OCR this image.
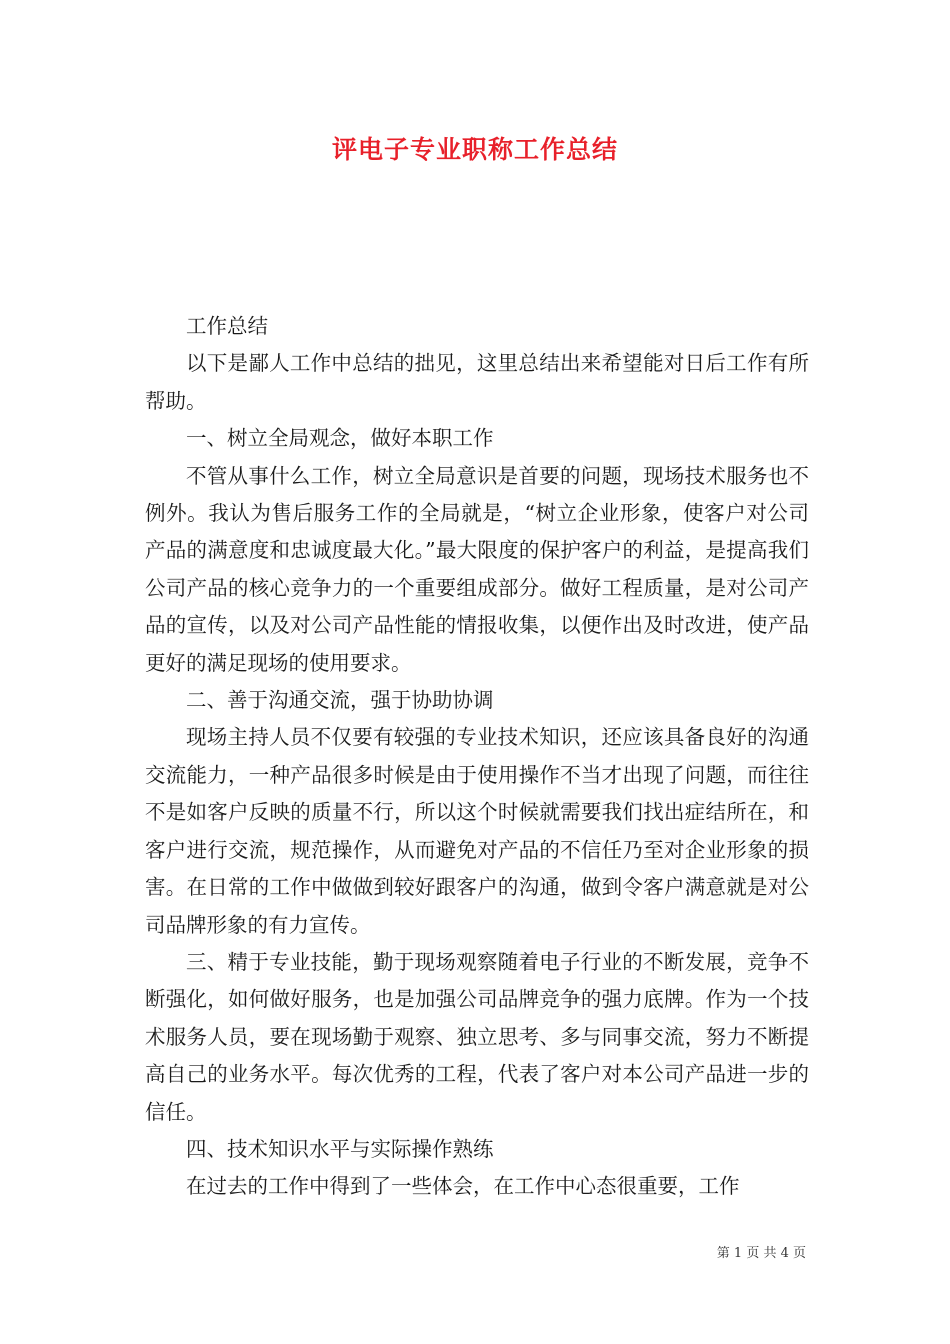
评电子专业职称工作总结

工作总结

以下是鄙人工作中总结的拙见，这里总结出来希望能对日后工作有所帮助。

一、树立全局观念，做好本职工作

不管从事什么工作，树立全局意识是首要的问题，现场技术服务也不例外。我认为售后服务工作的全局就是，“树立企业形象，使客户对公司产品的满意度和忠诚度最大化。”最大限度的保护客户的利益，是提高我们公司产品的核心竞争力的一个重要组成部分。做好工程质量，是对公司产品的宣传，以及对公司产品性能的情报收集，以便作出及时改进，使产品更好的满足现场的使用要求。

二、善于沟通交流，强于协助协调

现场主持人员不仅要有较强的专业技术知识，还应该具备良好的沟通交流能力，一种产品很多时候是由于使用操作不当才出现了问题，而往往不是如客户反映的质量不行，所以这个时候就需要我们找出症结所在，和客户进行交流，规范操作，从而避免对产品的不信任乃至对企业形象的损害。在日常的工作中做做到较好跟客户的沟通，做到令客户满意就是对公司品牌形象的有力宣传。

三、精于专业技能，勤于现场观察随着电子行业的不断发展，竞争不断强化，如何做好服务，也是加强公司品牌竞争的强力底牌。作为一个技术服务人员，要在现场勤于观察、独立思考、多与同事交流，努力不断提高自己的业务水平。每次优秀的工程，代表了客户对本公司产品进一步的信任。

四、技术知识水平与实际操作熟练

在过去的工作中得到了一些体会，在工作中心态很重要，工作

第 1 页 共 4 页
